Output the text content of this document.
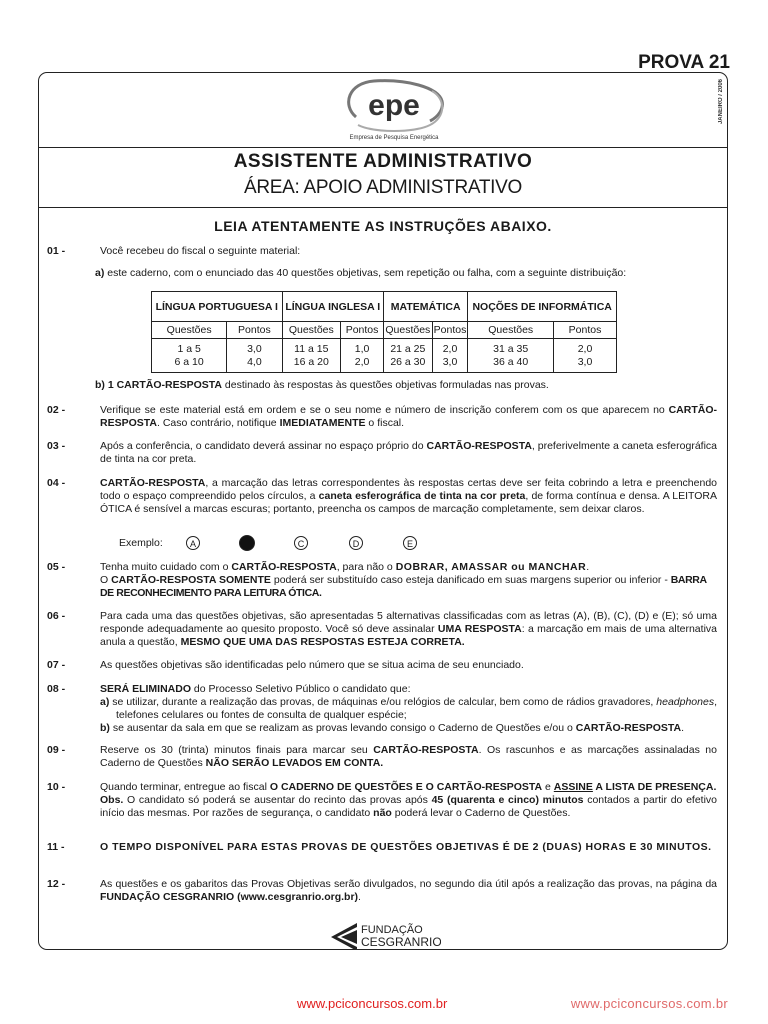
PROVA 21
epe
Empresa de Pesquisa Energética
JANEIRO / 2006
ASSISTENTE ADMINISTRATIVO
ÁREA: APOIO ADMINISTRATIVO
LEIA ATENTAMENTE AS INSTRUÇÕES ABAIXO.
01 -	Você recebeu do fiscal o seguinte material:
a) este caderno, com o enunciado das 40 questões objetivas, sem repetição ou falha, com a seguinte distribuição:
LÍNGUA PORTUGUESA I		LÍNGUA INGLESA I		MATEMÁTICA		NOÇÕES DE INFORMÁTICA	
Questões	Pontos	Questões	Pontos	Questões	Pontos	Questões	Pontos
1 a 5	3,0	11 a 15	1,0	21 a 25	2,0	31 a 35	2,0
6 a 10	4,0	16 a 20	2,0	26 a 30	3,0	36 a 40	3,0
b) 1 CARTÃO-RESPOSTA destinado às respostas às questões objetivas formuladas nas provas.
02 -	Verifique se este material está em ordem e se o seu nome e número de inscrição conferem com os que aparecem no CARTÃO-RESPOSTA. Caso contrário, notifique IMEDIATAMENTE o fiscal.
03 -	Após a conferência, o candidato deverá assinar no espaço próprio do CARTÃO-RESPOSTA, preferivelmente a caneta esferográfica de tinta na cor preta.
04 -	CARTÃO-RESPOSTA, a marcação das letras correspondentes às respostas certas deve ser feita cobrindo a letra e preenchendo todo o espaço compreendido pelos círculos, a caneta esferográfica de tinta na cor preta, de forma contínua e densa. A LEITORA ÓTICA é sensível a marcas escuras; portanto, preencha os campos de marcação completamente, sem deixar claros.
Exemplo:	A	C	D	E
05 -	Tenha muito cuidado com o CARTÃO-RESPOSTA, para não o DOBRAR, AMASSAR ou MANCHAR.
O CARTÃO-RESPOSTA SOMENTE poderá ser substituído caso esteja danificado em suas margens superior ou inferior - BARRA DE RECONHECIMENTO PARA LEITURA ÓTICA.
06 -	Para cada uma das questões objetivas, são apresentadas 5 alternativas classificadas com as letras (A), (B), (C), (D) e (E); só uma responde adequadamente ao quesito proposto. Você só deve assinalar UMA RESPOSTA: a marcação em mais de uma alternativa anula a questão, MESMO QUE UMA DAS RESPOSTAS ESTEJA CORRETA.
07 -	As questões objetivas são identificadas pelo número que se situa acima de seu enunciado.
08 -	SERÁ ELIMINADO do Processo Seletivo Público o candidato que:
a) se utilizar, durante a realização das provas, de máquinas e/ou relógios de calcular, bem como de rádios gravadores, headphones, telefones celulares ou fontes de consulta de qualquer espécie;
b) se ausentar da sala em que se realizam as provas levando consigo o Caderno de Questões e/ou o CARTÃO-RESPOSTA.
09 -	Reserve os 30 (trinta) minutos finais para marcar seu CARTÃO-RESPOSTA. Os rascunhos e as marcações assinaladas no Caderno de Questões NÃO SERÃO LEVADOS EM CONTA.
10 -	Quando terminar, entregue ao fiscal O CADERNO DE QUESTÕES E O CARTÃO-RESPOSTA e ASSINE A LISTA DE PRESENÇA.
Obs. O candidato só poderá se ausentar do recinto das provas após 45 (quarenta e cinco) minutos contados a partir do efetivo início das mesmas. Por razões de segurança, o candidato não poderá levar o Caderno de Questões.
11 -	O TEMPO DISPONÍVEL PARA ESTAS PROVAS DE QUESTÕES OBJETIVAS É DE 2 (DUAS) HORAS E 30 MINUTOS.
12 -	As questões e os gabaritos das Provas Objetivas serão divulgados, no segundo dia útil após a realização das provas, na página da FUNDAÇÃO CESGRANRIO (www.cesgranrio.org.br).
FUNDAÇÃO
CESGRANRIO
www.pciconcursos.com.br	www.pciconcursos.com.br
